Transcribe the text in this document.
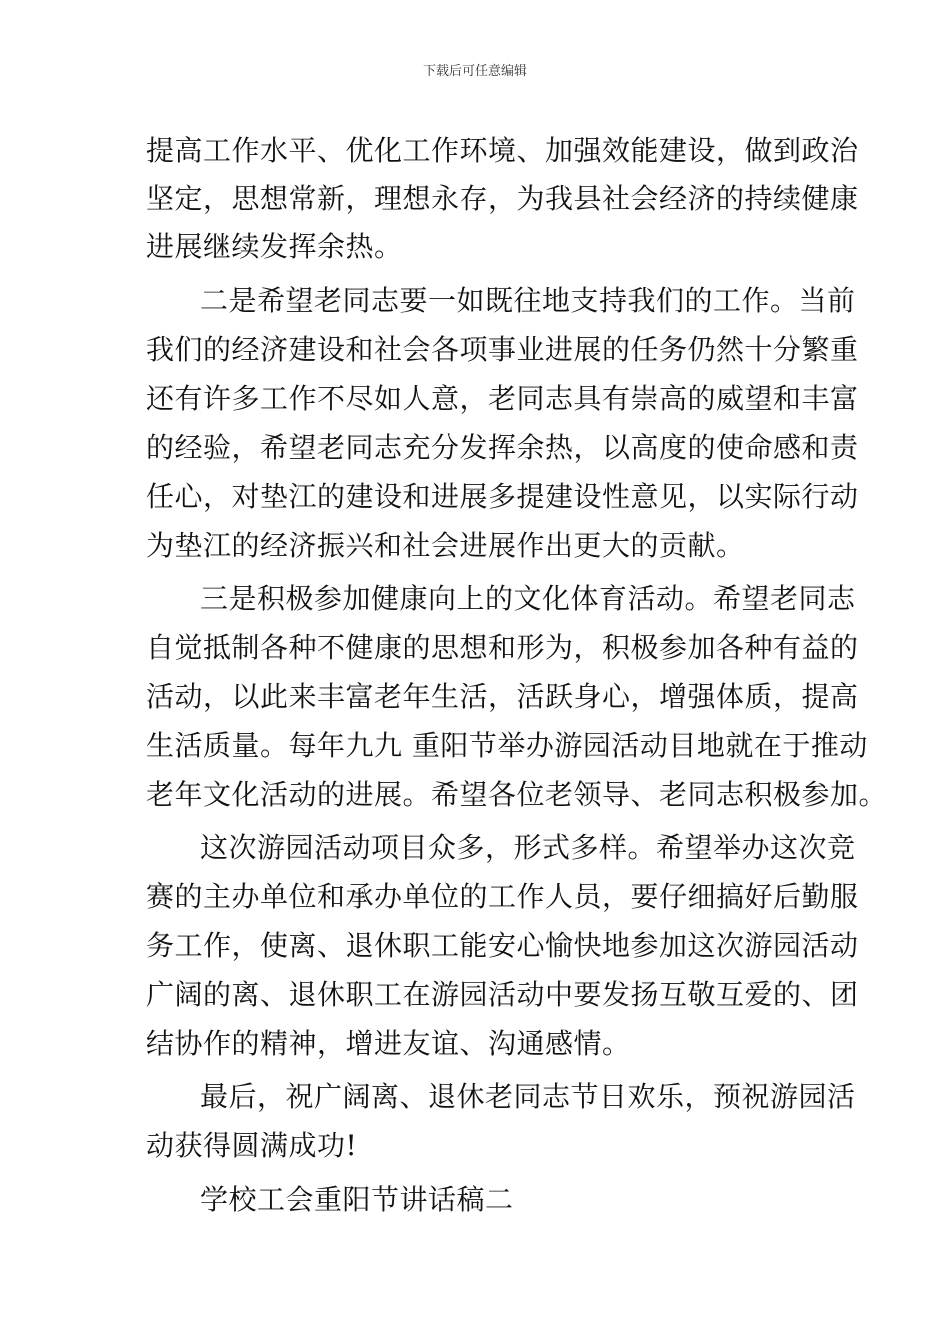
下载后可任意编辑
提高工作水平、优化工作环境、加强效能建设，做到政治
坚定，思想常新，理想永存，为我县社会经济的持续健康
进展继续发挥余热。
二是希望老同志要一如既往地支持我们的工作。当前
我们的经济建设和社会各项事业进展的任务仍然十分繁重
还有许多工作不尽如人意，老同志具有崇高的威望和丰富
的经验，希望老同志充分发挥余热，以高度的使命感和责
任心，对垫江的建设和进展多提建设性意见，以实际行动
为垫江的经济振兴和社会进展作出更大的贡献。
三是积极参加健康向上的文化体育活动。希望老同志
自觉抵制各种不健康的思想和形为，积极参加各种有益的
活动，以此来丰富老年生活，活跃身心，增强体质，提高
生活质量。每年九九 重阳节举办游园活动目地就在于推动
老年文化活动的进展。希望各位老领导、老同志积极参加。
这次游园活动项目众多，形式多样。希望举办这次竞
赛的主办单位和承办单位的工作人员，要仔细搞好后勤服
务工作，使离、退休职工能安心愉快地参加这次游园活动
广阔的离、退休职工在游园活动中要发扬互敬互爱的、团
结协作的精神，增进友谊、沟通感情。
最后，祝广阔离、退休老同志节日欢乐，预祝游园活
动获得圆满成功!
学校工会重阳节讲话稿二
